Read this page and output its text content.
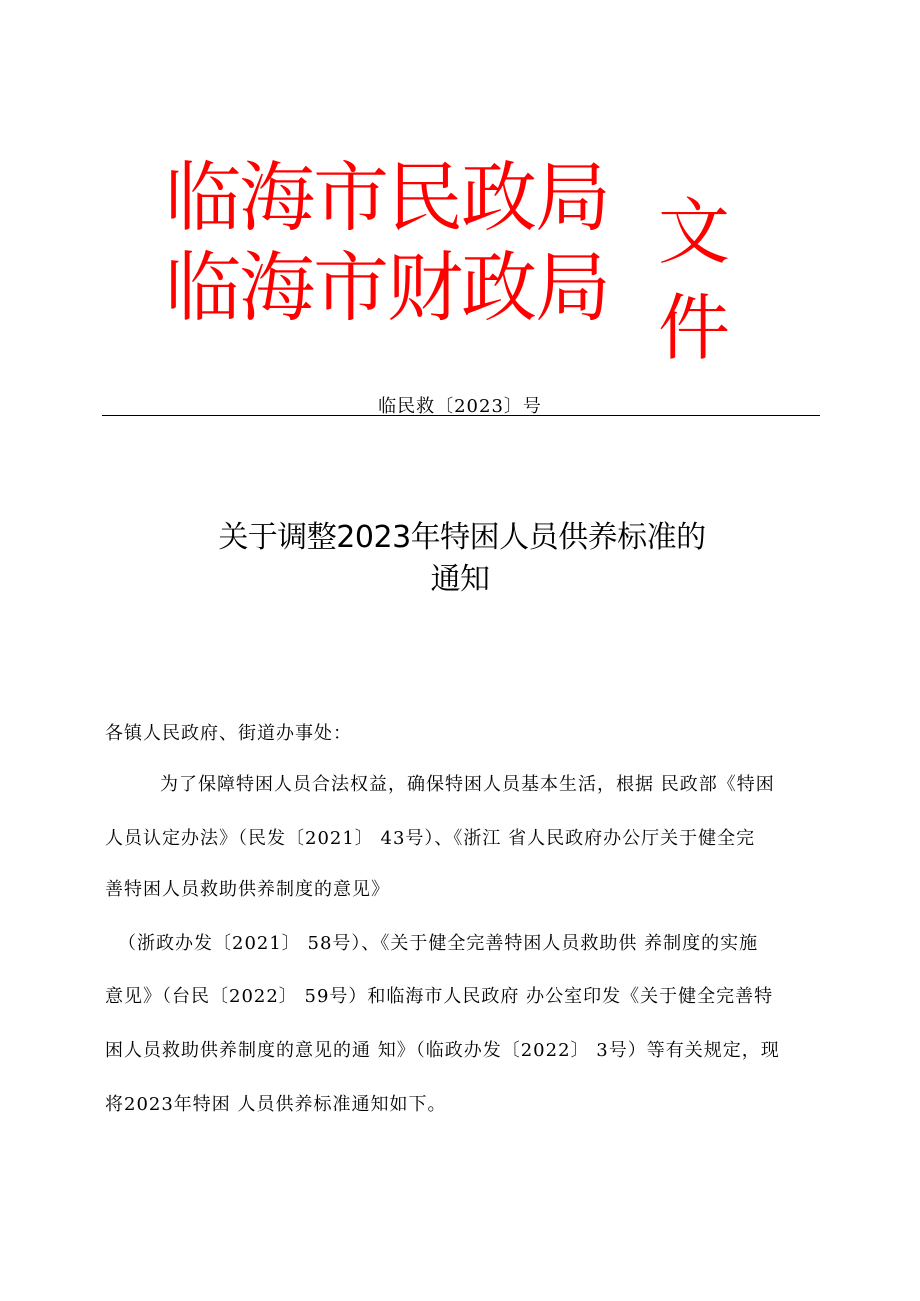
临海市民政局
临海市财政局
文
件
临民救〔2023〕号
关于调整2023年特困人员供养标准的
通知
各镇人民政府、街道办事处：
为了保障特困人员合法权益，确保特困人员基本生活，根据 民政部《特困
人员认定办法》（民发〔2021〕 43号）、《浙江 省人民政府办公厅关于健全完
善特困人员救助供养制度的意见》
（浙政办发〔2021〕 58号）、《关于健全完善特困人员救助供 养制度的实施
意见》（台民〔2022〕 59号）和临海市人民政府 办公室印发《关于健全完善特
困人员救助供养制度的意见的通 知》（临政办发〔2022〕 3号）等有关规定，现
将2023年特困 人员供养标准通知如下。
